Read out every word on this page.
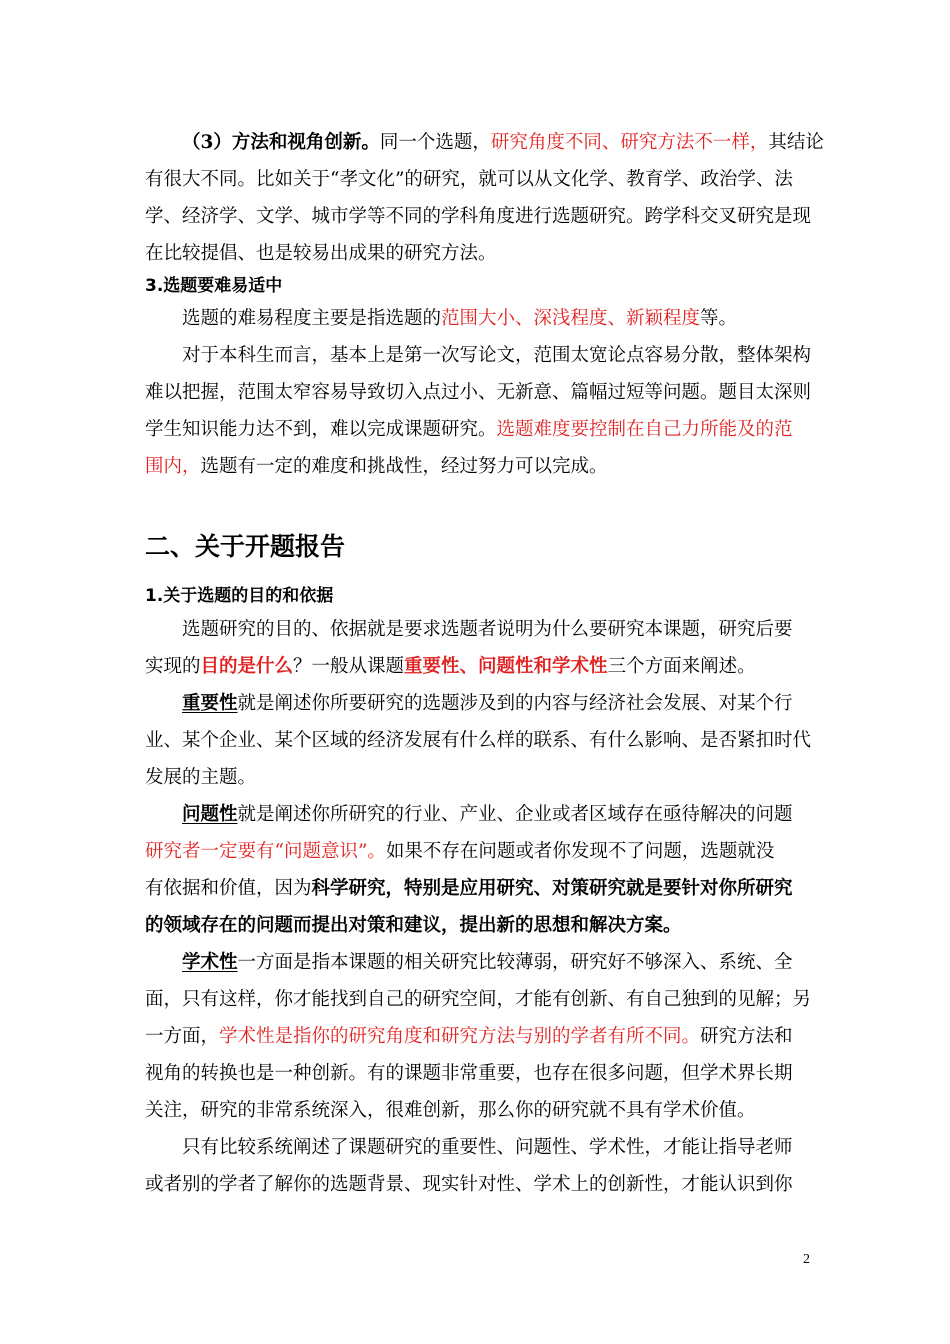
（3）方法和视角创新。同一个选题，研究角度不同、研究方法不一样，其结论
有很大不同。比如关于“孝文化”的研究，就可以从文化学、教育学、政治学、法
学、经济学、文学、城市学等不同的学科角度进行选题研究。跨学科交叉研究是现
在比较提倡、也是较易出成果的研究方法。
3.选题要难易适中
选题的难易程度主要是指选题的范围大小、深浅程度、新颖程度等。
对于本科生而言，基本上是第一次写论文，范围太宽论点容易分散，整体架构
难以把握，范围太窄容易导致切入点过小、无新意、篇幅过短等问题。题目太深则
学生知识能力达不到，难以完成课题研究。选题难度要控制在自己力所能及的范
围内，选题有一定的难度和挑战性，经过努力可以完成。
二、关于开题报告
1.关于选题的目的和依据
选题研究的目的、依据就是要求选题者说明为什么要研究本课题，研究后要
实现的目的是什么？一般从课题重要性、问题性和学术性三个方面来阐述。
重要性就是阐述你所要研究的选题涉及到的内容与经济社会发展、对某个行
业、某个企业、某个区域的经济发展有什么样的联系、有什么影响、是否紧扣时代
发展的主题。
问题性就是阐述你所研究的行业、产业、企业或者区域存在亟待解决的问题
研究者一定要有“问题意识”。如果不存在问题或者你发现不了问题，选题就没
有依据和价值，因为科学研究，特别是应用研究、对策研究就是要针对你所研究
的领域存在的问题而提出对策和建议，提出新的思想和解决方案。
学术性一方面是指本课题的相关研究比较薄弱，研究好不够深入、系统、全
面，只有这样，你才能找到自己的研究空间，才能有创新、有自己独到的见解；另
一方面，学术性是指你的研究角度和研究方法与别的学者有所不同。研究方法和
视角的转换也是一种创新。有的课题非常重要，也存在很多问题，但学术界长期
关注，研究的非常系统深入，很难创新，那么你的研究就不具有学术价值。
只有比较系统阐述了课题研究的重要性、问题性、学术性，才能让指导老师
或者别的学者了解你的选题背景、现实针对性、学术上的创新性，才能认识到你
2
